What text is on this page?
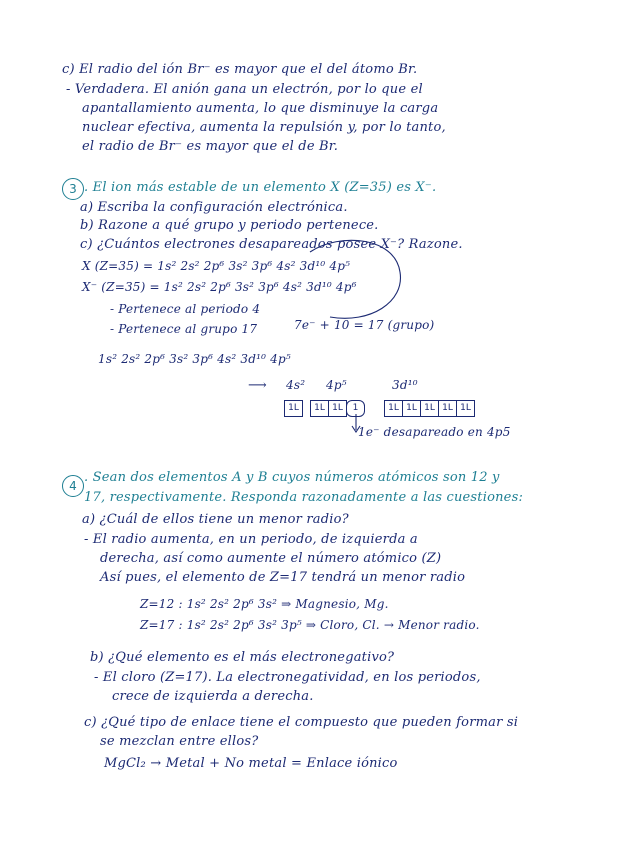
c) El radio del ión Br⁻ es mayor que el del átomo Br.
- Verdadera. El anión gana un electrón, por lo que el
apantallamiento aumenta, lo que disminuye la carga
nuclear efectiva, aumenta la repulsión y, por lo tanto,
el radio de Br⁻ es mayor que el de Br.
3 . El ion más estable de un elemento X (Z=35) es X⁻.
a) Escriba la configuración electrónica.
b) Razone a qué grupo y periodo pertenece.
c) ¿Cuántos electrones desapareados posee X⁻? Razone.
X (Z=35) = 1s² 2s² 2p⁶ 3s² 3p⁶ 4s² 3d¹⁰ 4p⁵
X⁻ (Z=35) = 1s² 2s² 2p⁶ 3s² 3p⁶ 4s² 3d¹⁰ 4p⁶
- Pertenece al periodo 4
- Pertenece al grupo 17	7e⁻ + 10 = 17 (grupo)
1s² 2s² 2p⁶ 3s² 3p⁶ 4s² 3d¹⁰ 4p⁵
⟶ 4s² 4p⁵	3d¹⁰
1L	1L 1L	1	1L 1L 1L 1L 1L
1e⁻ desapareado en 4p5
4
. Sean dos elementos A y B cuyos números atómicos son 12 y
17, respectivamente. Responda razonadamente a las cuestiones:
a) ¿Cuál de ellos tiene un menor radio?
- El radio aumenta, en un periodo, de izquierda a
derecha, así como aumente el número atómico (Z)
Así pues, el elemento de Z=17 tendrá un menor radio
Z=12 : 1s² 2s² 2p⁶ 3s² ⇒ Magnesio, Mg.
Z=17 : 1s² 2s² 2p⁶ 3s² 3p⁵ ⇒ Cloro, Cl. → Menor radio.
b) ¿Qué elemento es el más electronegativo?
- El cloro (Z=17). La electronegatividad, en los periodos,
crece de izquierda a derecha.
c) ¿Qué tipo de enlace tiene el compuesto que pueden formar si
se mezclan entre ellos?
MgCl₂ → Metal + No metal = Enlace iónico
